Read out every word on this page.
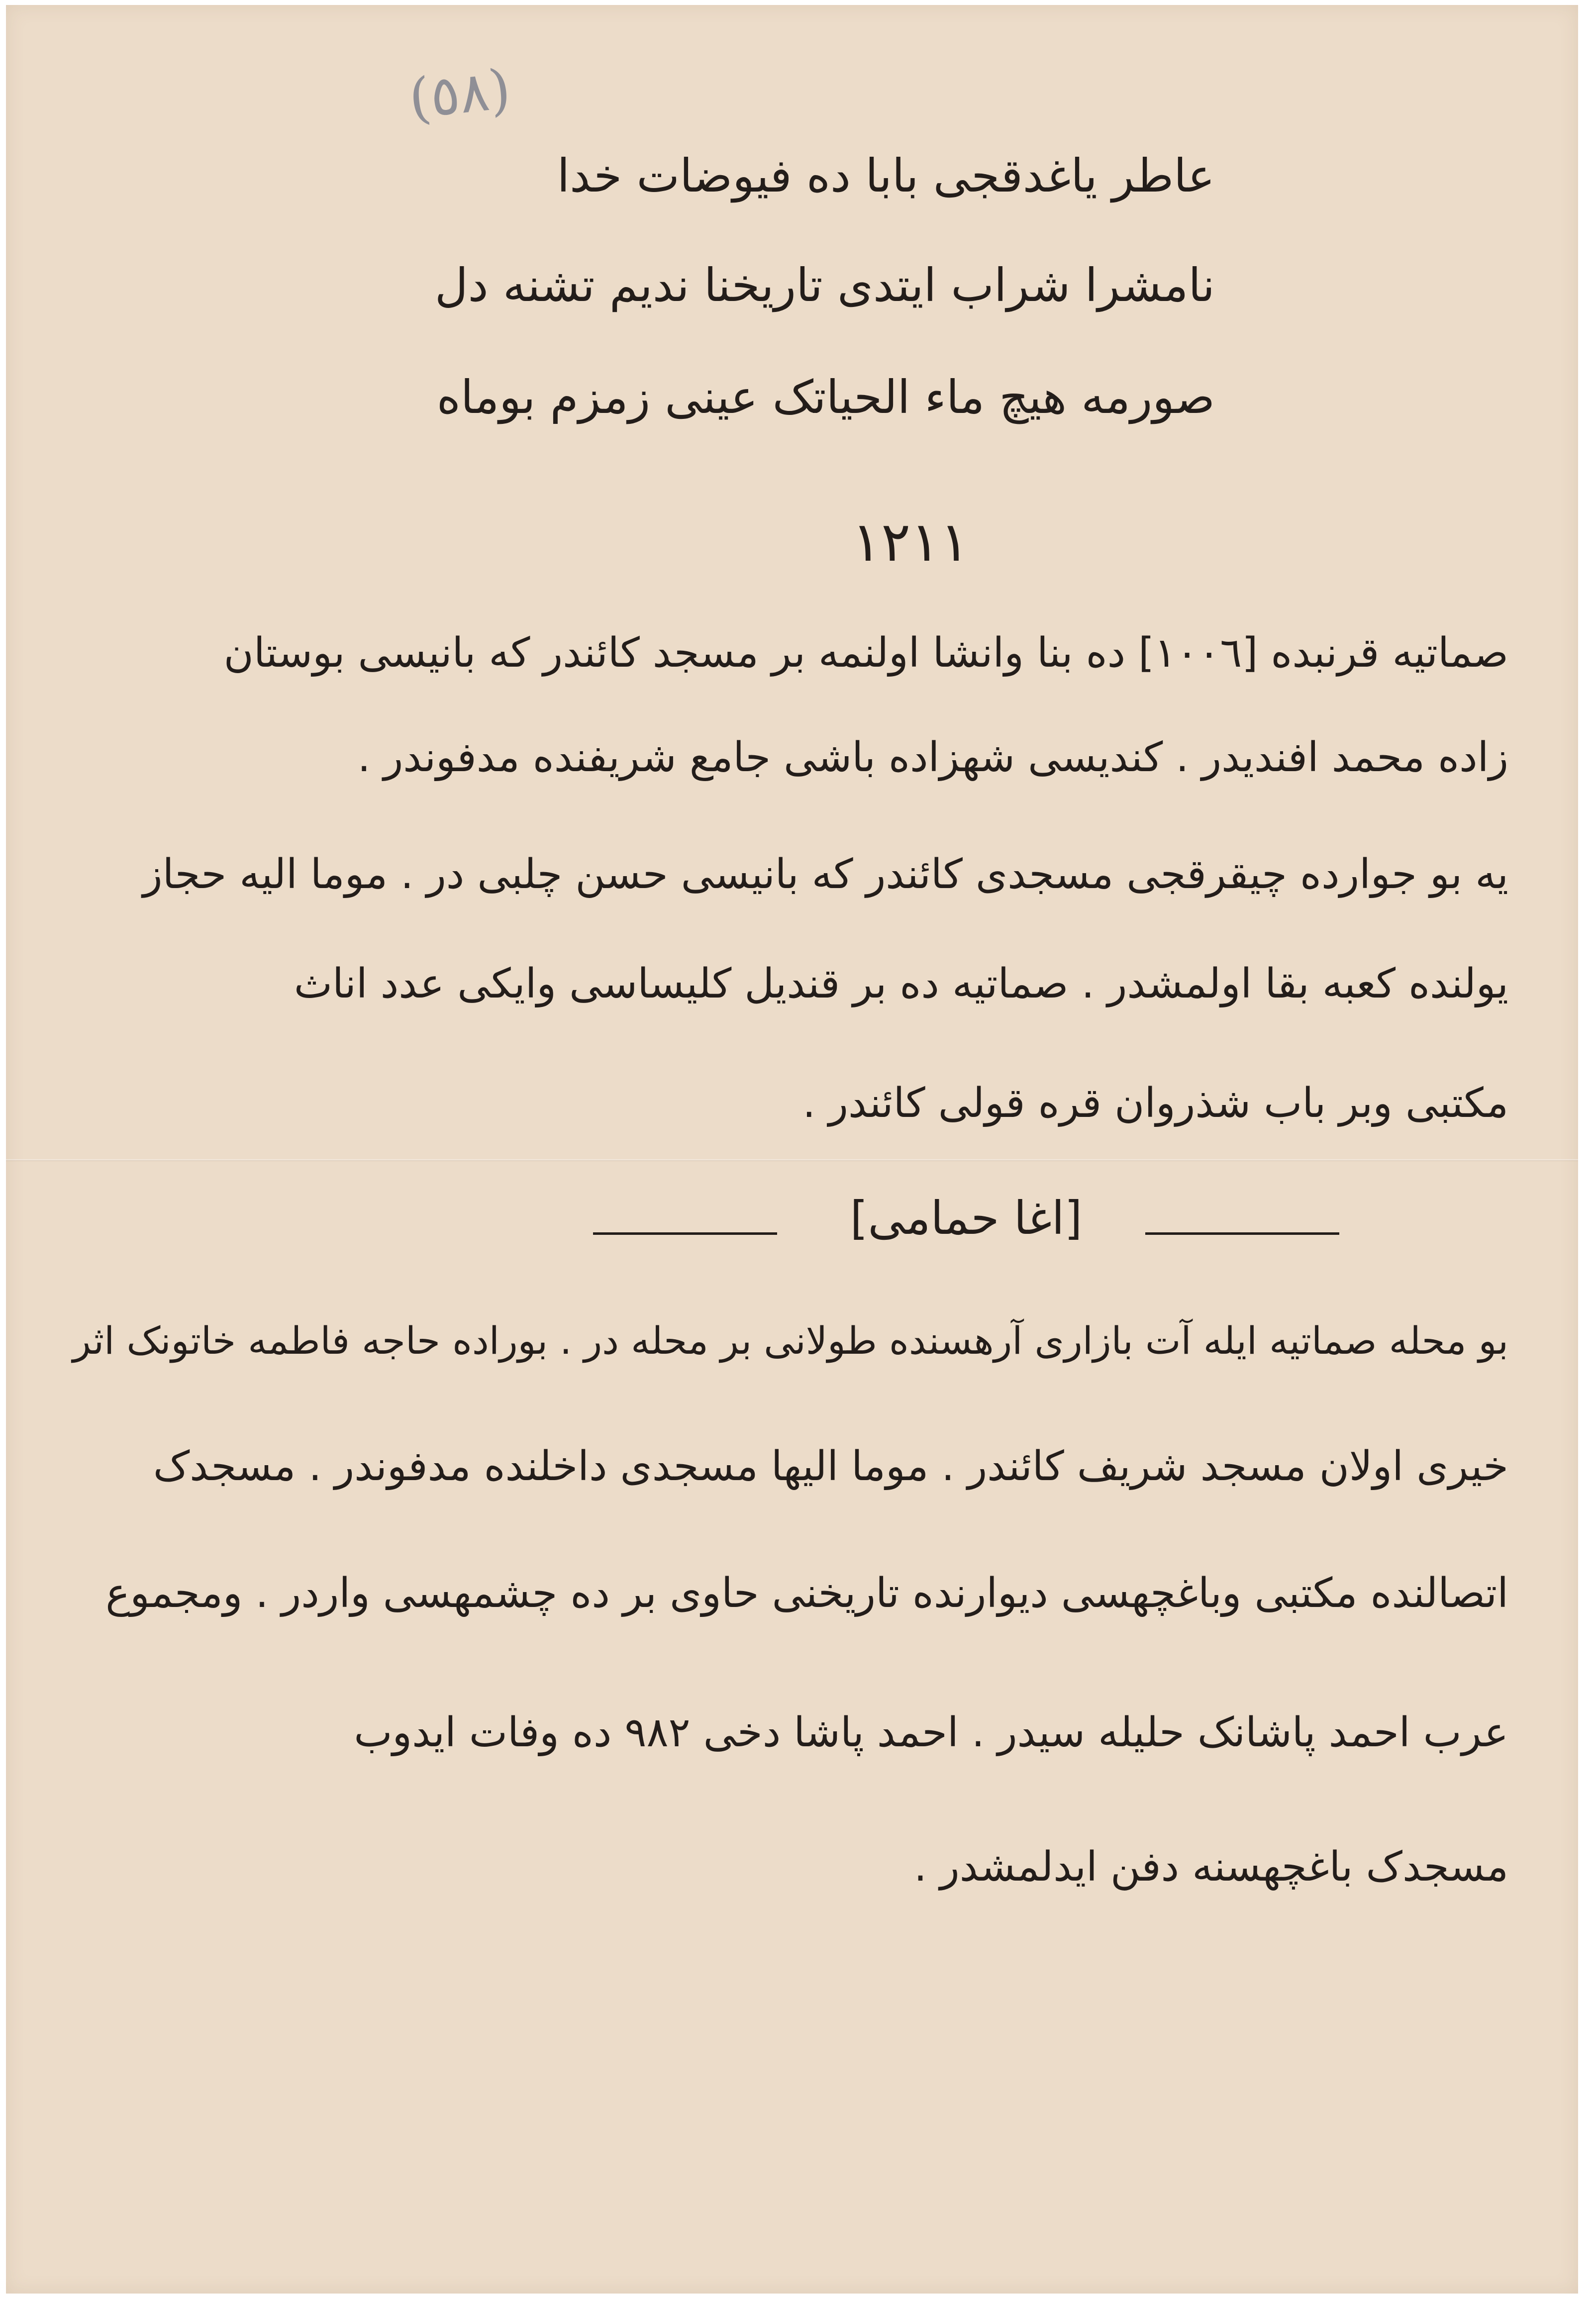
(٥٨)
عاطر یاغدقجی بابا ده فیوضات خدا
نامشرا شراب ایتدی تاریخنا ندیم تشنه دل
صورمه هیچ ماء الحیاتک عینی زمزم بوماه
١٢١١
صماتیه قرنبده [١٠٠٦] ده بنا وانشا اولنمه بر مسجد کائندر که بانیسی بوستان
زاده محمد افندیدر . کندیسی شهزاده باشی جامع شریفنده مدفوندر .
یه بو جوارده چیقرقجی مسجدی کائندر که بانیسی حسن چلبی در . موما الیه حجاز
یولنده کعبه بقا اولمشدر . صماتیه ده بر قندیل کلیساسی وایکی عدد اناث
مکتبی وبر باب شذروان قره قولی کائندر .
[اغا حمامی]
بو محله صماتیه ایله آت بازاری آرهسنده طولانی بر محله در . بوراده حاجه فاطمه خاتونک اثر
خیری اولان مسجد شریف کائندر . موما الیها مسجدی داخلنده مدفوندر . مسجدک
اتصالنده مکتبی وباغچهسی دیوارنده تاریخنی حاوی بر ده چشمهسی واردر . ومجموع
عرب احمد پاشانک حلیله سیدر . احمد پاشا دخی ٩٨٢ ده وفات ایدوب
مسجدک باغچهسنه دفن ایدلمشدر .
